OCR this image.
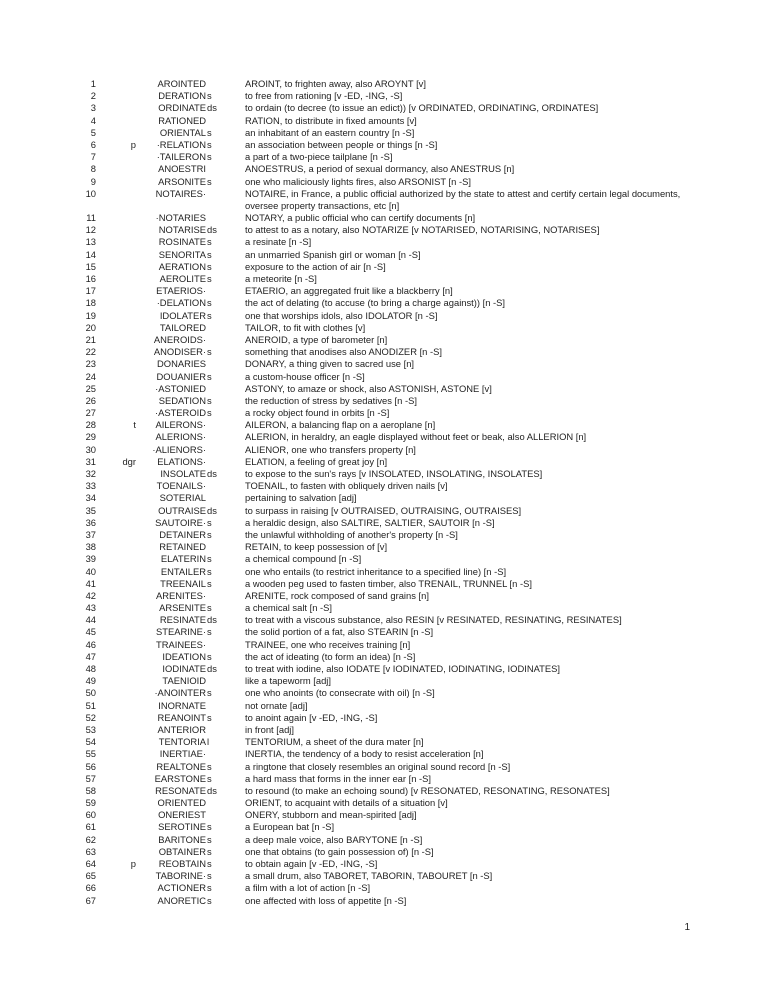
1	AROINTED	AROINT, to frighten away, also AROYNT [v]
2	DERATION s	to free from rationing [v -ED, -ING, -S]
3	ORDINATE ds	to ordain (to decree (to issue an edict)) [v ORDINATED, ORDINATING, ORDINATES]
4	RATIONED	RATION, to distribute in fixed amounts [v]
5	ORIENTAL s	an inhabitant of an eastern country [n -S]
6	p	·RELATION s	an association between people or things [n -S]
7	·TAILERON s	a part of a two-piece tailplane [n -S]
8	ANOESTRI	ANOESTRUS, a period of sexual dormancy, also ANESTRUS [n]
9	ARSONITE s	one who maliciously lights fires, also ARSONIST [n -S]
10	NOTAIRES·	NOTAIRE, in France, a public official authorized by the state to attest and certify certain legal documents, oversee property transactions, etc [n]
11	·NOTARIES	NOTARY, a public official who can certify documents [n]
12	NOTARISE ds	to attest to as a notary, also NOTARIZE [v NOTARISED, NOTARISING, NOTARISES]
13	ROSINATE s	a resinate [n -S]
14	SENORITA s	an unmarried Spanish girl or woman [n -S]
15	AERATION s	exposure to the action of air [n -S]
16	AEROLITE s	a meteorite [n -S]
17	ETAERIOS·	ETAERIO, an aggregated fruit like a blackberry [n]
18	·DELATION s	the act of delating (to accuse (to bring a charge against)) [n -S]
19	IDOLATER s	one that worships idols, also IDOLATOR [n -S]
20	TAILORED	TAILOR, to fit with clothes [v]
21	ANEROIDS·	ANEROID, a type of barometer [n]
22	ANODISER· s	something that anodises also ANODIZER [n -S]
23	DONARIES	DONARY, a thing given to sacred use [n]
24	DOUANIER s	a custom-house officer [n -S]
25	·ASTONIED	ASTONY, to amaze or shock, also ASTONISH, ASTONE [v]
26	SEDATION s	the reduction of stress by sedatives [n -S]
27	·ASTEROID s	a rocky object found in orbits [n -S]
28	t	AILERONS·	AILERON, a balancing flap on a aeroplane [n]
29	ALERIONS·	ALERION, in heraldry, an eagle displayed without feet or beak, also ALLERION [n]
30	·ALIENORS·	ALIENOR, one who transfers property [n]
31	dgr	ELATIONS·	ELATION, a feeling of great joy [n]
32	INSOLATE ds	to expose to the sun's rays [v INSOLATED, INSOLATING, INSOLATES]
33	TOENAILS·	TOENAIL, to fasten with obliquely driven nails [v]
34	SOTERIAL	pertaining to salvation [adj]
35	OUTRAISE ds	to surpass in raising [v OUTRAISED, OUTRAISING, OUTRAISES]
36	SAUTOIRE· s	a heraldic design, also SALTIRE, SALTIER, SAUTOIR [n -S]
37	DETAINER s	the unlawful withholding of another's property [n -S]
38	RETAINED	RETAIN, to keep possession of [v]
39	ELATERIN s	a chemical compound [n -S]
40	ENTAILER s	one who entails (to restrict inheritance to a specified line) [n -S]
41	TREENAIL s	a wooden peg used to fasten timber, also TRENAIL, TRUNNEL [n -S]
42	ARENITES·	ARENITE, rock composed of sand grains [n]
43	ARSENITE s	a chemical salt [n -S]
44	RESINATE ds	to treat with a viscous substance, also RESIN [v RESINATED, RESINATING, RESINATES]
45	STEARINE· s	the solid portion of a fat, also STEARIN [n -S]
46	TRAINEES·	TRAINEE, one who receives training [n]
47	IDEATION s	the act of ideating (to form an idea) [n -S]
48	IODINATE ds	to treat with iodine, also IODATE [v IODINATED, IODINATING, IODINATES]
49	TAENIOID	like a tapeworm [adj]
50	·ANOINTER s	one who anoints (to consecrate with oil) [n -S]
51	INORNATE	not ornate [adj]
52	REANOINT s	to anoint again [v -ED, -ING, -S]
53	ANTERIOR	in front [adj]
54	TENTORIA l	TENTORIUM, a sheet of the dura mater [n]
55	INERTIAE·	INERTIA, the tendency of a body to resist acceleration [n]
56	REALTONE s	a ringtone that closely resembles an original sound record [n -S]
57	EARSTONE s	a hard mass that forms in the inner ear [n -S]
58	RESONATE ds	to resound (to make an echoing sound) [v RESONATED, RESONATING, RESONATES]
59	ORIENTED	ORIENT, to acquaint with details of a situation [v]
60	ONERIEST	ONERY, stubborn and mean-spirited [adj]
61	SEROTINE s	a European bat [n -S]
62	BARITONE s	a deep male voice, also BARYTONE [n -S]
63	OBTAINER s	one that obtains (to gain possession of) [n -S]
64	p	REOBTAIN s	to obtain again [v -ED, -ING, -S]
65	TABORINE· s	a small drum, also TABORET, TABORIN, TABOURET [n -S]
66	ACTIONER s	a film with a lot of action [n -S]
67	ANORETIC s	one affected with loss of appetite [n -S]
1
